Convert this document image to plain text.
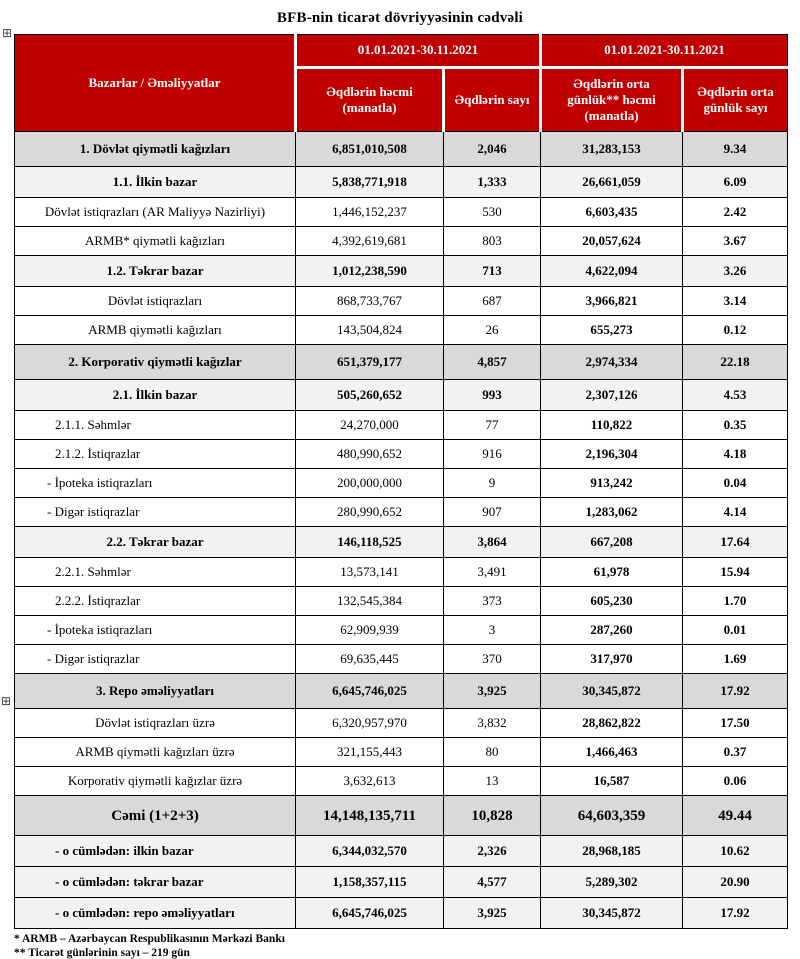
⊞
⊞
BFB-nin ticarət dövriyyəsinin cədvəli
Bazarlar / Əməliyyatlar	01.01.2021-30.11.2021		01.01.2021-30.11.2021	
	Əqdlərin həcmi (manatla)	Əqdlərin sayı	Əqdlərin orta günlük** həcmi (manatla)	Əqdlərin orta günlük sayı
1. Dövlət qiymətli kağızları	6,851,010,508	2,046	31,283,153	9.34
1.1. İlkin bazar	5,838,771,918	1,333	26,661,059	6.09
Dövlət istiqrazları (AR Maliyyə Nazirliyi)	1,446,152,237	530	6,603,435	2.42
ARMB* qiymətli kağızları	4,392,619,681	803	20,057,624	3.67
1.2. Təkrar bazar	1,012,238,590	713	4,622,094	3.26
Dövlət istiqrazları	868,733,767	687	3,966,821	3.14
ARMB qiymətli kağızları	143,504,824	26	655,273	0.12
2. Korporativ qiymətli kağızlar	651,379,177	4,857	2,974,334	22.18
2.1. İlkin bazar	505,260,652	993	2,307,126	4.53
2.1.1. Səhmlər	24,270,000	77	110,822	0.35
2.1.2. İstiqrazlar	480,990,652	916	2,196,304	4.18
- İpoteka istiqrazları	200,000,000	9	913,242	0.04
- Digər istiqrazlar	280,990,652	907	1,283,062	4.14
2.2. Təkrar bazar	146,118,525	3,864	667,208	17.64
2.2.1. Səhmlər	13,573,141	3,491	61,978	15.94
2.2.2. İstiqrazlar	132,545,384	373	605,230	1.70
- İpoteka istiqrazları	62,909,939	3	287,260	0.01
- Digər istiqrazlar	69,635,445	370	317,970	1.69
3. Repo əməliyyatları	6,645,746,025	3,925	30,345,872	17.92
Dövlət istiqrazları üzrə	6,320,957,970	3,832	28,862,822	17.50
ARMB qiymətli kağızları üzrə	321,155,443	80	1,466,463	0.37
Korporativ qiymətli kağızlar üzrə	3,632,613	13	16,587	0.06
Cəmi (1+2+3)	14,148,135,711	10,828	64,603,359	49.44
- o cümlədən: ilkin bazar	6,344,032,570	2,326	28,968,185	10.62
- o cümlədən: təkrar bazar	1,158,357,115	4,577	5,289,302	20.90
- o cümlədən: repo əməliyyatları	6,645,746,025	3,925	30,345,872	17.92
* ARMB – Azərbaycan Respublikasının Mərkəzi Bankı
** Ticarət günlərinin sayı – 219 gün
